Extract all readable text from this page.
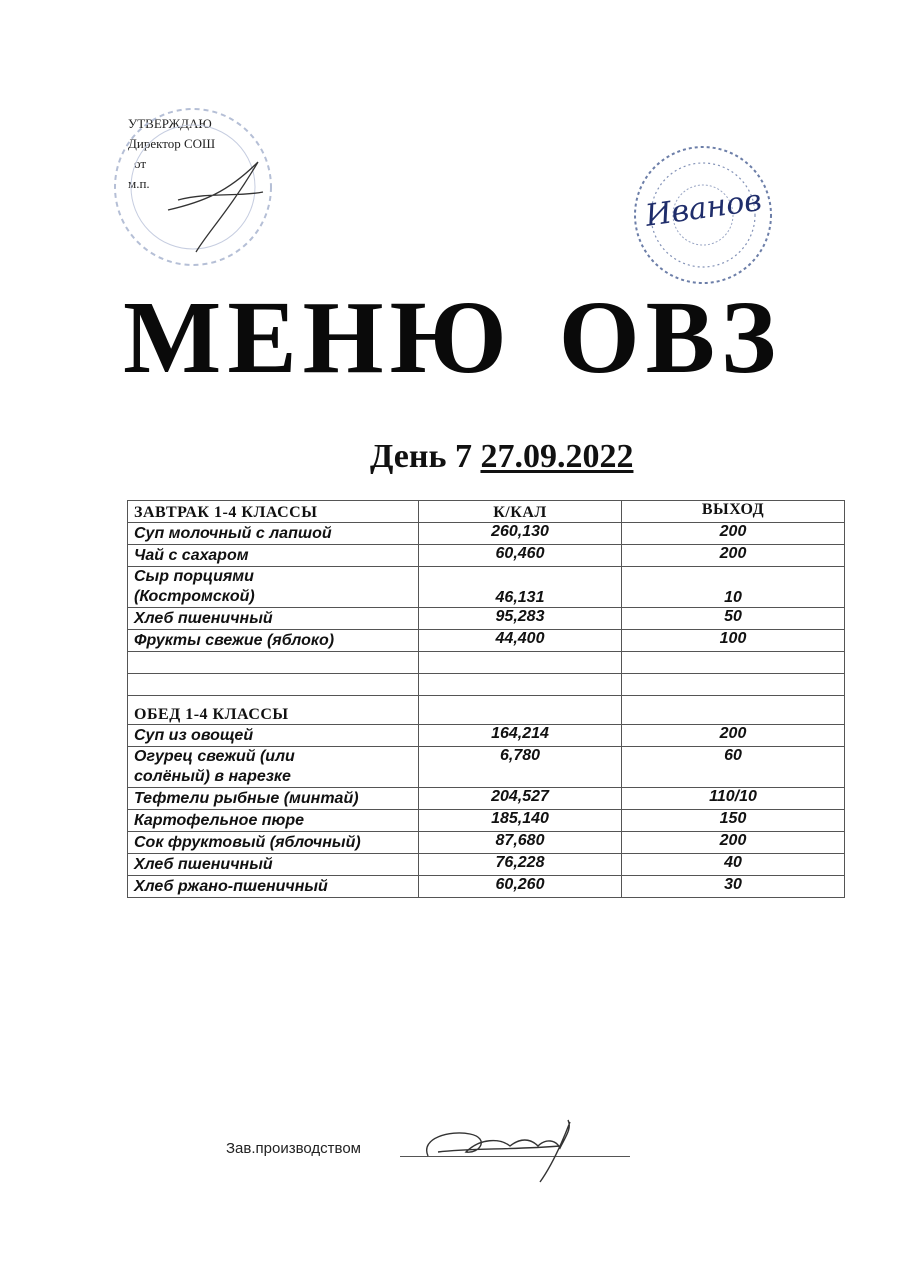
УТВЕРЖДАЮ
Директор СОШ
от
м.п.	Иванов
МЕНЮ ОВЗ
День 7 27.09.2022
ЗАВТРАК 1-4 КЛАССЫ	К/КАЛ	ВЫХОД
Суп молочный с лапшой	260,130	200
Чай с сахаром	60,460	200

Сыр порциями (Костромской)	46,131	10
Хлеб пшеничный	95,283	50
Фрукты свежие (яблоко)	44,400	100

ОБЕД 1-4 КЛАССЫ		
Суп из овощей	164,214	200

Огурец свежий (или солёный) в нарезке	6,780	60
Тефтели рыбные (минтай)	204,527	110/10
Картофельное пюре	185,140	150
Сок фруктовый (яблочный)	87,680	200
Хлеб пшеничный	76,228	40
Хлеб ржано-пшеничный	60,260	30
Зав.производством
